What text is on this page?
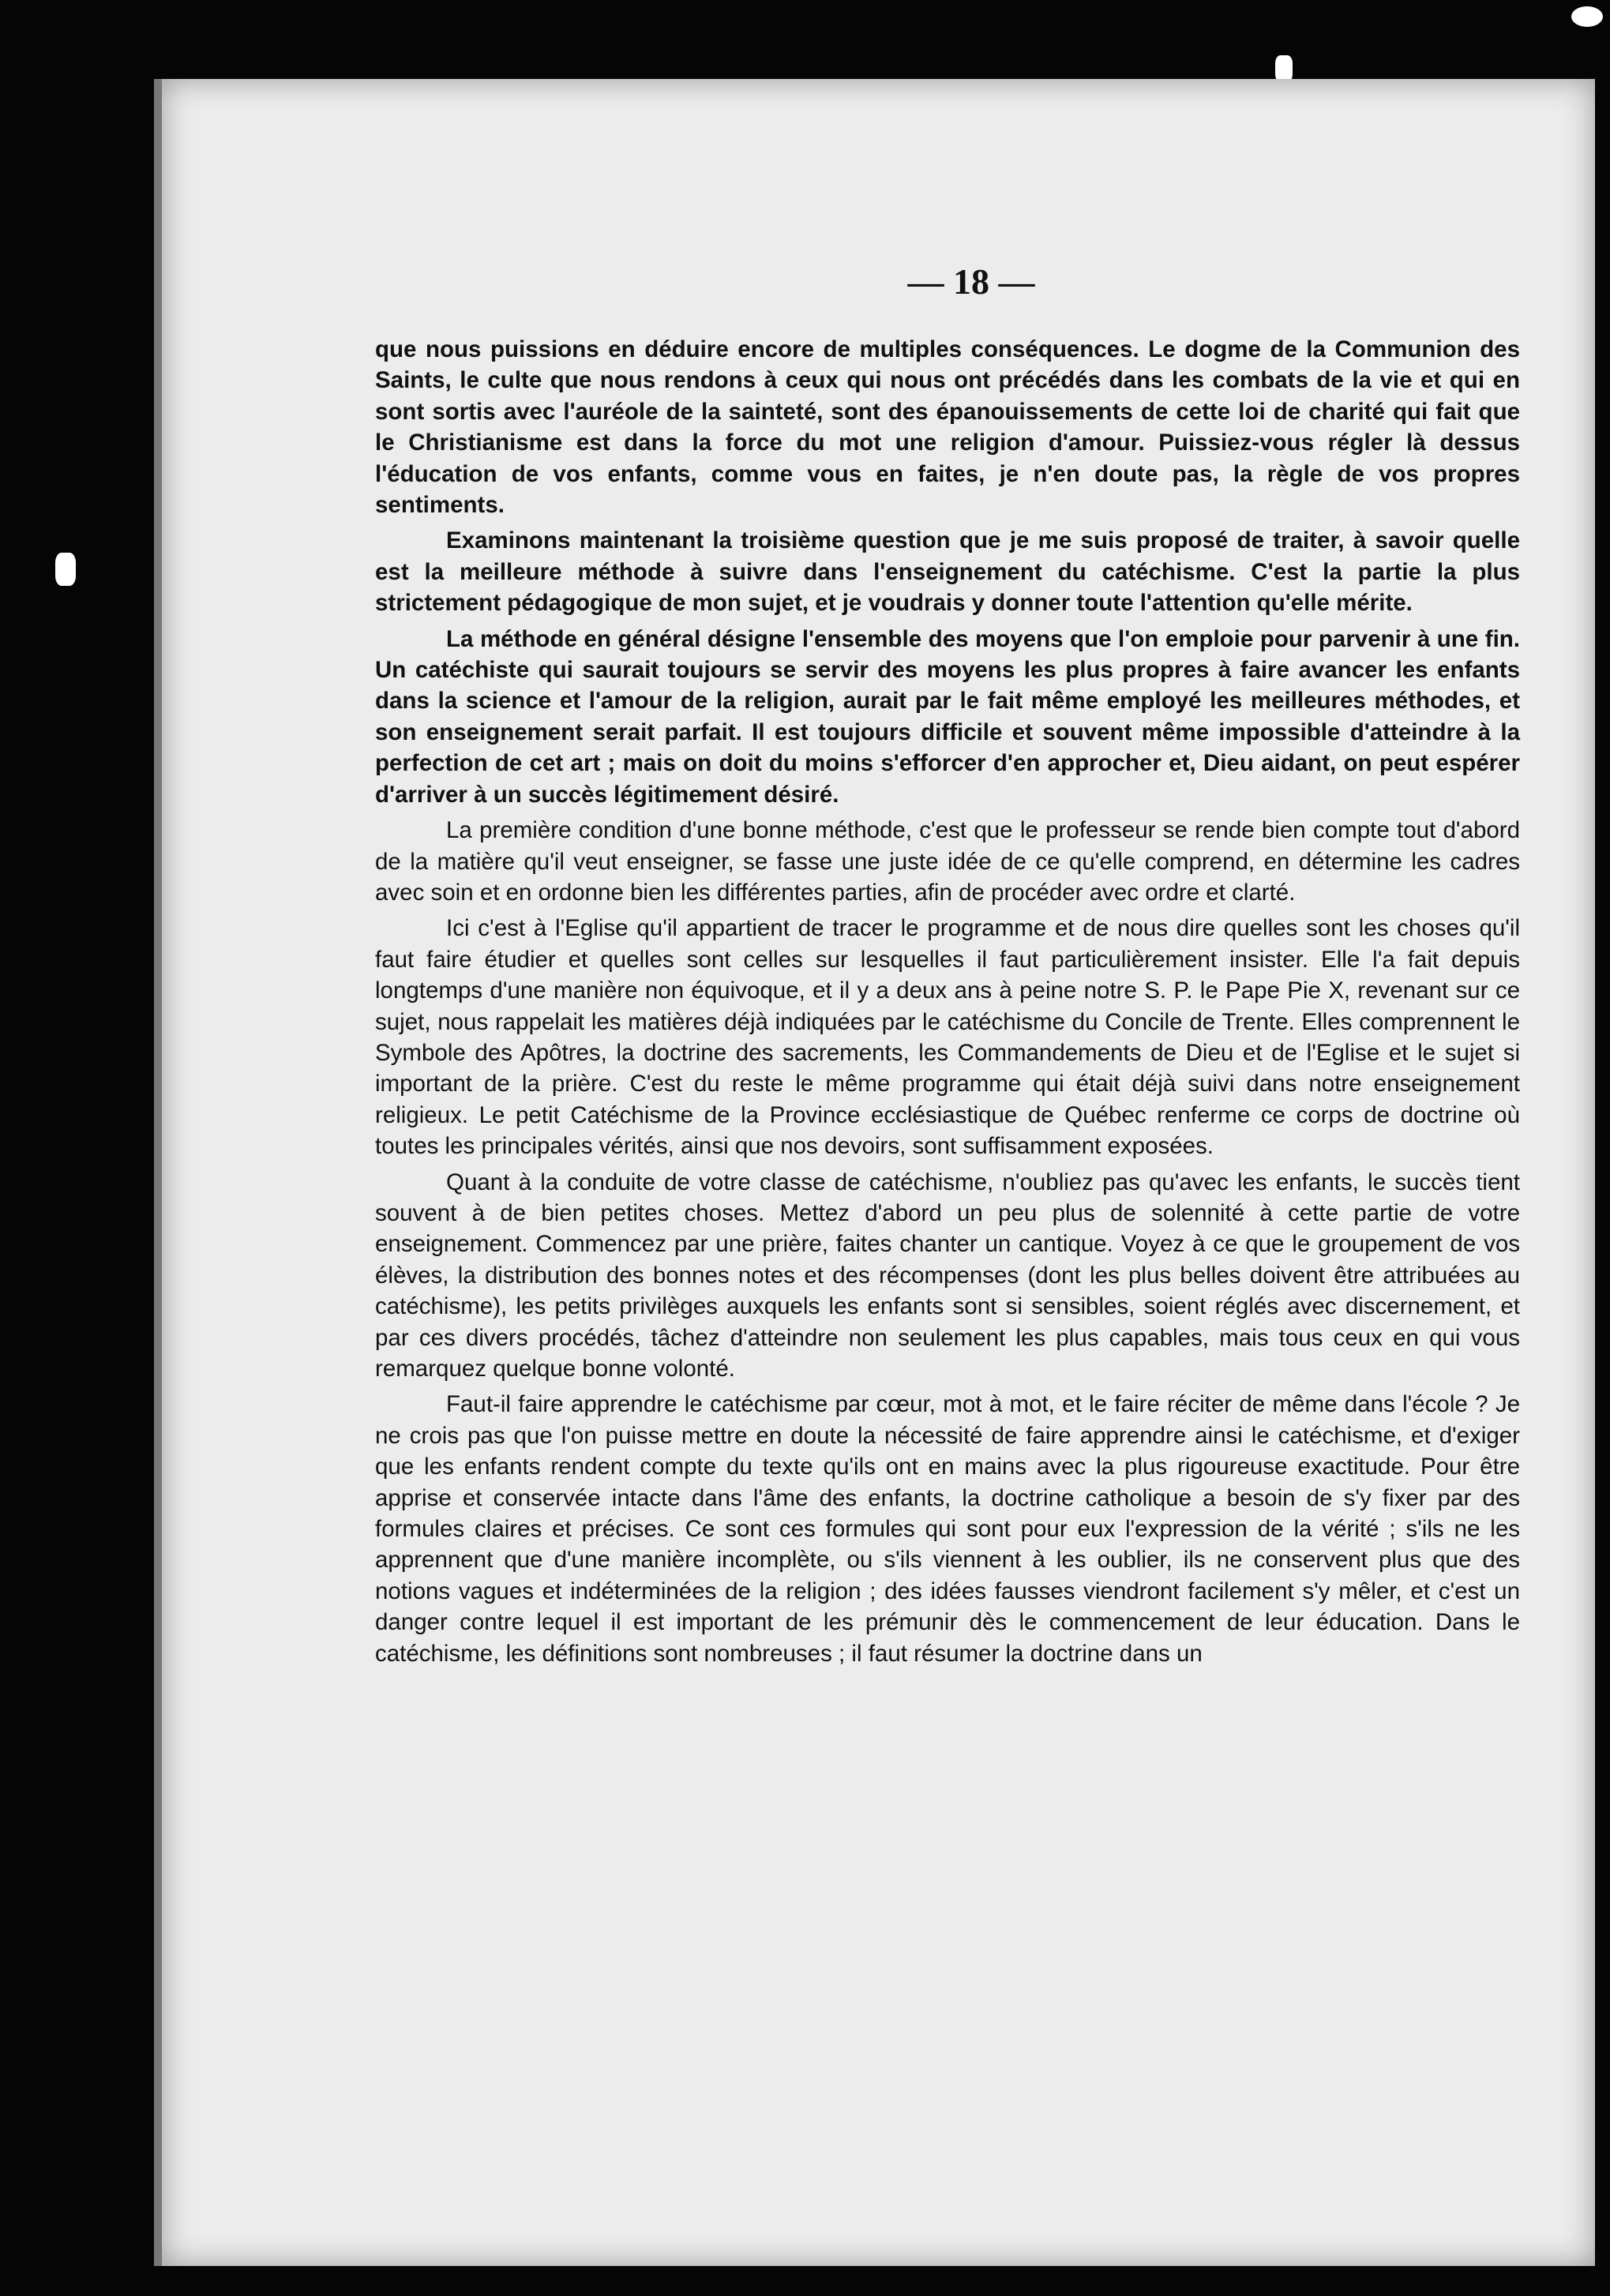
— 18 —

que nous puissions en déduire encore de multiples conséquences. Le dogme de la Communion des Saints, le culte que nous rendons à ceux qui nous ont précédés dans les combats de la vie et qui en sont sortis avec l'auréole de la sainteté, sont des épanouissements de cette loi de charité qui fait que le Christianisme est dans la force du mot une religion d'amour. Puissiez-vous régler là dessus l'éducation de vos enfants, comme vous en faites, je n'en doute pas, la règle de vos propres sentiments.

Examinons maintenant la troisième question que je me suis proposé de traiter, à savoir quelle est la meilleure méthode à suivre dans l'enseignement du catéchisme. C'est la partie la plus strictement pédagogique de mon sujet, et je voudrais y donner toute l'attention qu'elle mérite.

La méthode en général désigne l'ensemble des moyens que l'on emploie pour parvenir à une fin. Un catéchiste qui saurait toujours se servir des moyens les plus propres à faire avancer les enfants dans la science et l'amour de la religion, aurait par le fait même employé les meilleures méthodes, et son enseignement serait parfait. Il est toujours difficile et souvent même impossible d'atteindre à la perfection de cet art ; mais on doit du moins s'efforcer d'en approcher et, Dieu aidant, on peut espérer d'arriver à un succès légitimement désiré.

La première condition d'une bonne méthode, c'est que le professeur se rende bien compte tout d'abord de la matière qu'il veut enseigner, se fasse une juste idée de ce qu'elle comprend, en détermine les cadres avec soin et en ordonne bien les différentes parties, afin de procéder avec ordre et clarté.

Ici c'est à l'Eglise qu'il appartient de tracer le programme et de nous dire quelles sont les choses qu'il faut faire étudier et quelles sont celles sur lesquelles il faut particulièrement insister. Elle l'a fait depuis longtemps d'une manière non équivoque, et il y a deux ans à peine notre S. P. le Pape Pie X, revenant sur ce sujet, nous rappelait les matières déjà indiquées par le catéchisme du Concile de Trente. Elles comprennent le Symbole des Apôtres, la doctrine des sacrements, les Commandements de Dieu et de l'Eglise et le sujet si important de la prière. C'est du reste le même programme qui était déjà suivi dans notre enseignement religieux. Le petit Catéchisme de la Province ecclésiastique de Québec renferme ce corps de doctrine où toutes les principales vérités, ainsi que nos devoirs, sont suffisamment exposées.

Quant à la conduite de votre classe de catéchisme, n'oubliez pas qu'avec les enfants, le succès tient souvent à de bien petites choses. Mettez d'abord un peu plus de solennité à cette partie de votre enseignement. Commencez par une prière, faites chanter un cantique. Voyez à ce que le groupement de vos élèves, la distribution des bonnes notes et des récompenses (dont les plus belles doivent être attribuées au catéchisme), les petits privilèges auxquels les enfants sont si sensibles, soient réglés avec discernement, et par ces divers procédés, tâchez d'atteindre non seulement les plus capables, mais tous ceux en qui vous remarquez quelque bonne volonté.

Faut-il faire apprendre le catéchisme par cœur, mot à mot, et le faire réciter de même dans l'école ? Je ne crois pas que l'on puisse mettre en doute la nécessité de faire apprendre ainsi le catéchisme, et d'exiger que les enfants rendent compte du texte qu'ils ont en mains avec la plus rigoureuse exactitude. Pour être apprise et conservée intacte dans l'âme des enfants, la doctrine catholique a besoin de s'y fixer par des formules claires et précises. Ce sont ces formules qui sont pour eux l'expression de la vérité ; s'ils ne les apprennent que d'une manière incomplète, ou s'ils viennent à les oublier, ils ne conservent plus que des notions vagues et indéterminées de la religion ; des idées fausses viendront facilement s'y mêler, et c'est un danger contre lequel il est important de les prémunir dès le commencement de leur éducation. Dans le catéchisme, les définitions sont nombreuses ; il faut résumer la doctrine dans un
